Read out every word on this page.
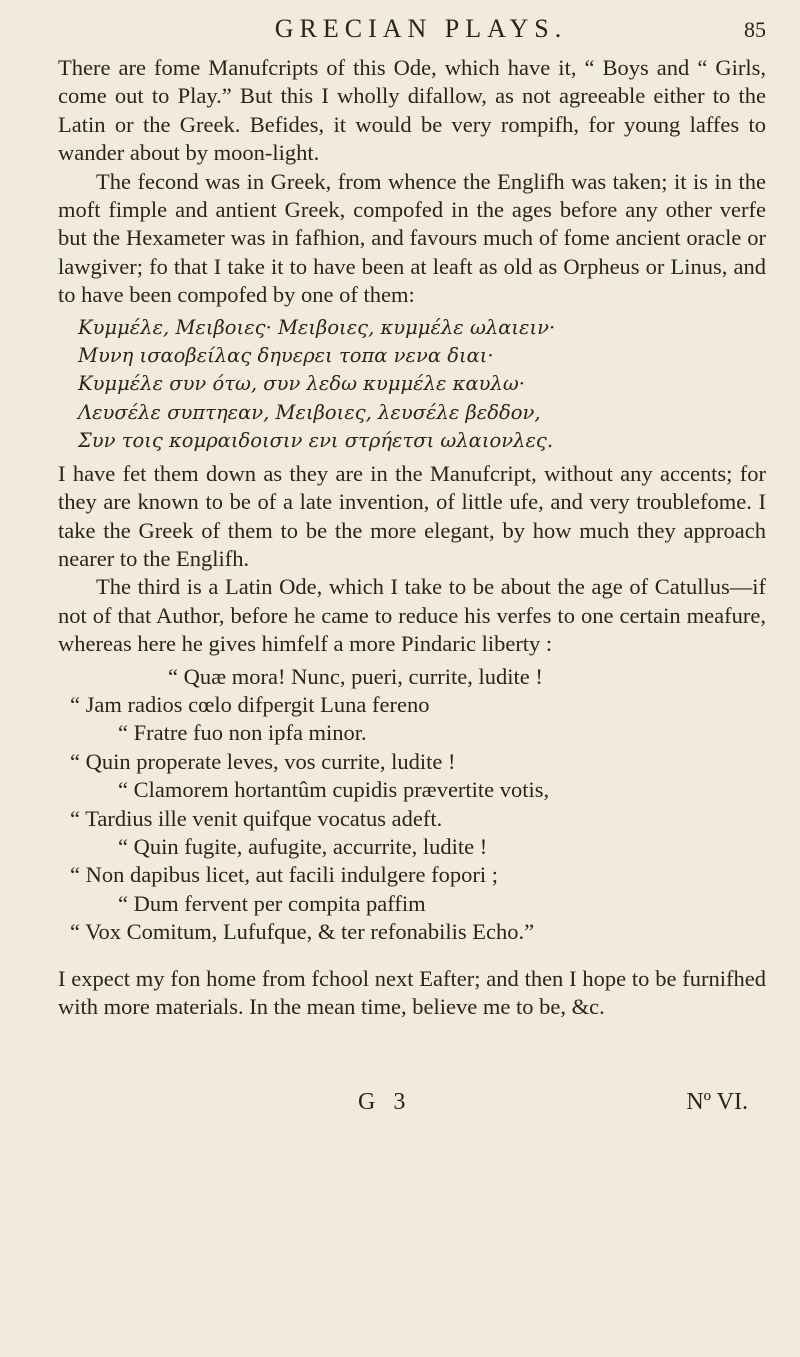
GRECIAN PLAYS.	85

There are fome Manufcripts of this Ode, which have it, “ Boys and “ Girls, come out to Play.” But this I wholly difallow, as not agreeable either to the Latin or the Greek. Befides, it would be very rompifh, for young laffes to wander about by moon-light.

The fecond was in Greek, from whence the Englifh was taken; it is in the moft fimple and antient Greek, compofed in the ages before any other verfe but the Hexameter was in fafhion, and favours much of fome ancient oracle or lawgiver; fo that I take it to have been at leaft as old as Orpheus or Linus, and to have been compofed by one of them:

Κυμμέλε, Μειβοιες· Μειβοιες, κυμμέλε ωλαιειν·
Μυνη ισαοβείλας δηυερει τοπα νενα διαι·
Κυμμέλε συν ότω, συν λεδω κυμμέλε καυλω·
Λευσέλε συπτηεαν, Μειβοιες, λευσέλε βεδδον,
Συν τοις κομραιδοισιν ενι στρήετσι ωλαιονλες.

I have fet them down as they are in the Manufcript, without any accents; for they are known to be of a late invention, of little ufe, and very troublefome. I take the Greek of them to be the more elegant, by how much they approach nearer to the Englifh.

The third is a Latin Ode, which I take to be about the age of Catullus—if not of that Author, before he came to reduce his verfes to one certain meafure, whereas here he gives himfelf a more Pindaric liberty :

“ Quæ mora! Nunc, pueri, currite, ludite !
“ Jam radios cœlo difpergit Luna fereno
“ Fratre fuo non ipfa minor.
“ Quin properate leves, vos currite, ludite !
“ Clamorem hortantûm cupidis prævertite votis,
“ Tardius ille venit quifque vocatus adeft.
“ Quin fugite, aufugite, accurrite, ludite !
“ Non dapibus licet, aut facili indulgere fopori ;
“ Dum fervent per compita paffim
“ Vox Comitum, Lufufque, & ter refonabilis Echo.”

I expect my fon home from fchool next Eafter; and then I hope to be furnifhed with more materials. In the mean time, believe me to be, &c.

G 3	Nº VI.
